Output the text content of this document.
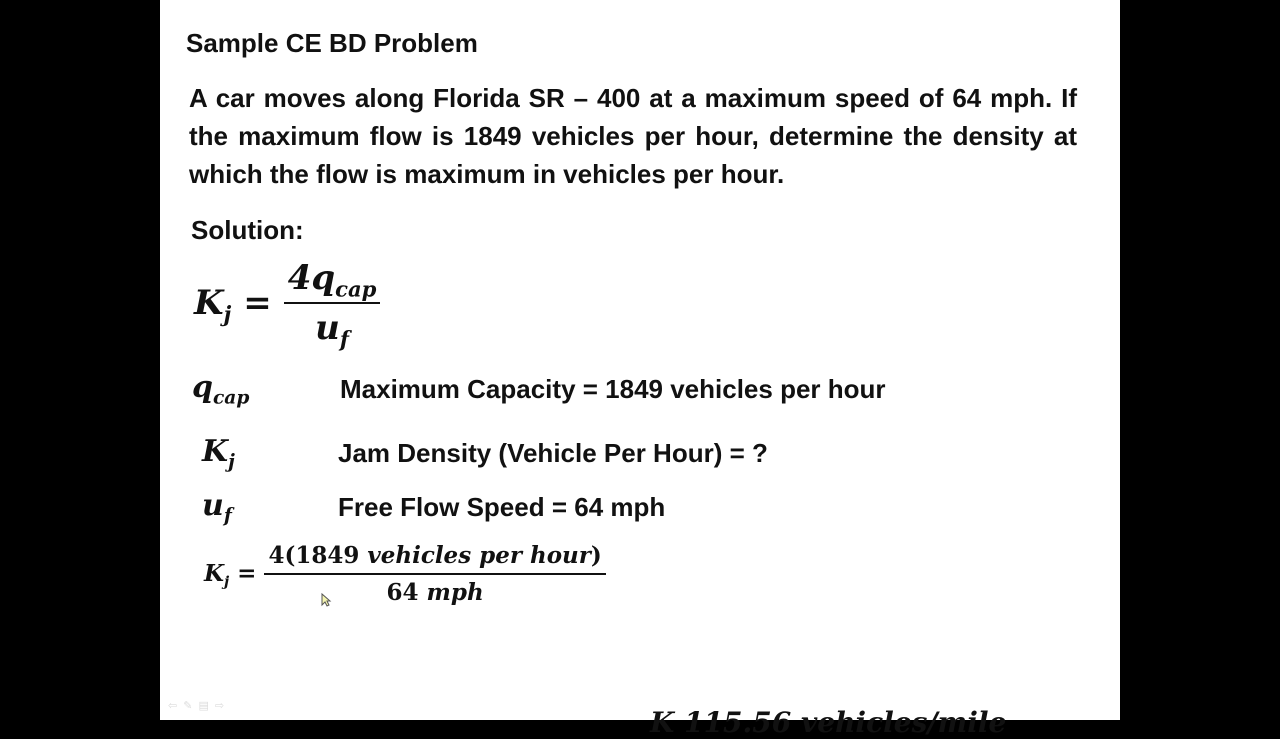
Sample CE BD Problem
A car moves along Florida SR – 400 at a maximum speed of 64 mph. If the maximum flow is 1849 vehicles per hour, determine the density at which the flow is maximum in vehicles per hour.
Solution:
$K_j = \frac{4q_{cap}}{u_f}$
$q_{cap}$	Maximum Capacity = 1849 vehicles per hour
$K_j$	Jam Density (Vehicle Per Hour) = ?
$u_f$	Free Flow Speed = 64 mph
$K_j = \frac{\text{4(1849 vehicles per hour)}}{\text{64 mph}}$
K 115.56 vehicles/mile
⇦ ✎ ▤ ⇨
